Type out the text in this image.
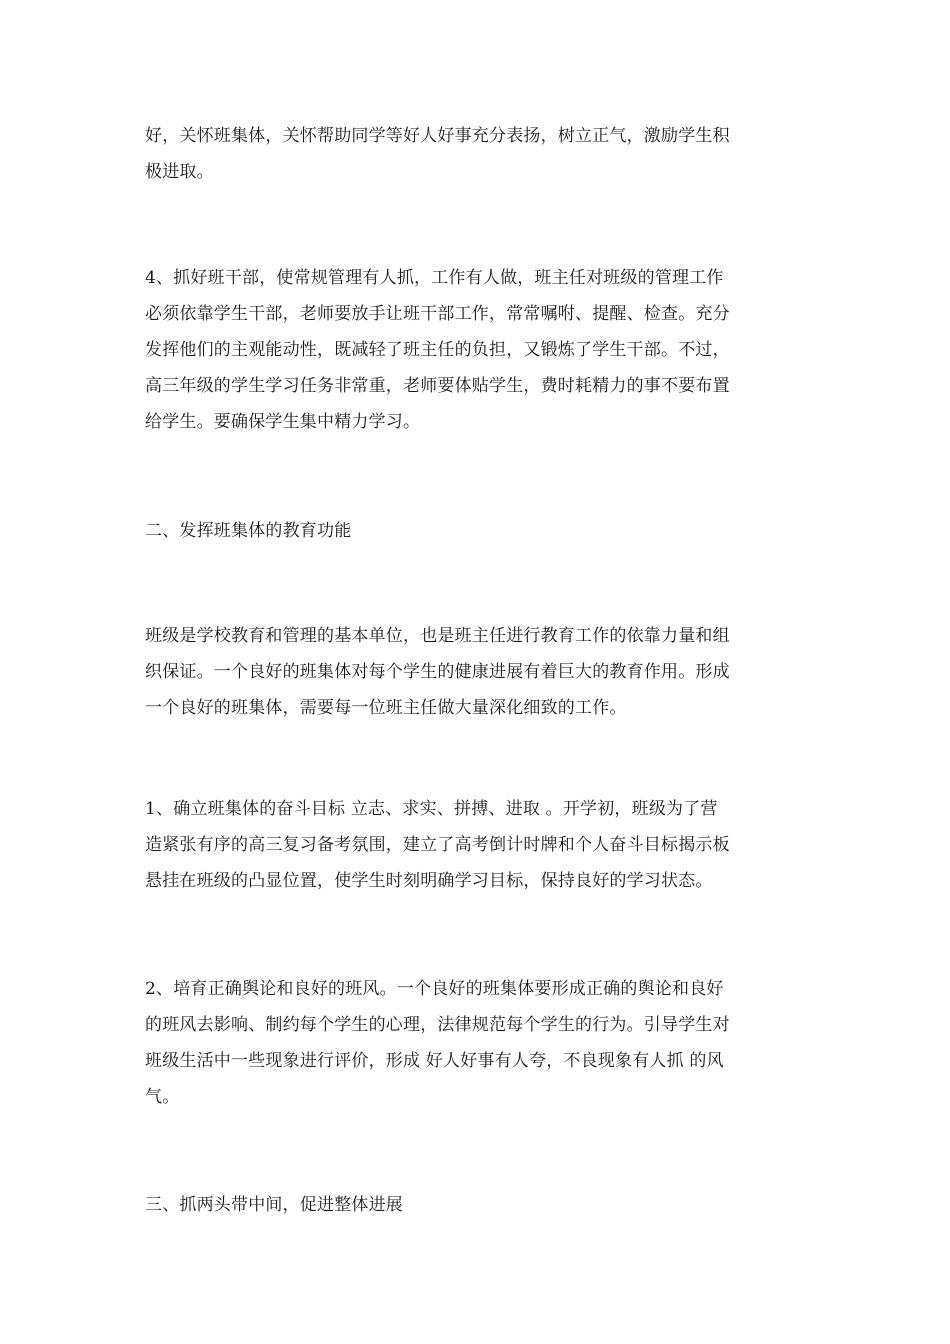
好，关怀班集体，关怀帮助同学等好人好事充分表扬，树立正气，激励学生积
极进取。
4、抓好班干部，使常规管理有人抓，工作有人做，班主任对班级的管理工作
必须依靠学生干部，老师要放手让班干部工作，常常嘱咐、提醒、检查。充分
发挥他们的主观能动性，既减轻了班主任的负担，又锻炼了学生干部。不过，
高三年级的学生学习任务非常重，老师要体贴学生，费时耗精力的事不要布置
给学生。要确保学生集中精力学习。
二、发挥班集体的教育功能
班级是学校教育和管理的基本单位，也是班主任进行教育工作的依靠力量和组
织保证。一个良好的班集体对每个学生的健康进展有着巨大的教育作用。形成
一个良好的班集体，需要每一位班主任做大量深化细致的工作。
1、确立班集体的奋斗目标 立志、求实、拼搏、进取 。开学初，班级为了营
造紧张有序的高三复习备考氛围，建立了高考倒计时牌和个人奋斗目标揭示板
悬挂在班级的凸显位置，使学生时刻明确学习目标，保持良好的学习状态。
2、培育正确舆论和良好的班风。一个良好的班集体要形成正确的舆论和良好
的班风去影响、制约每个学生的心理，法律规范每个学生的行为。引导学生对
班级生活中一些现象进行评价，形成 好人好事有人夸，不良现象有人抓 的风
气。
三、抓两头带中间，促进整体进展
